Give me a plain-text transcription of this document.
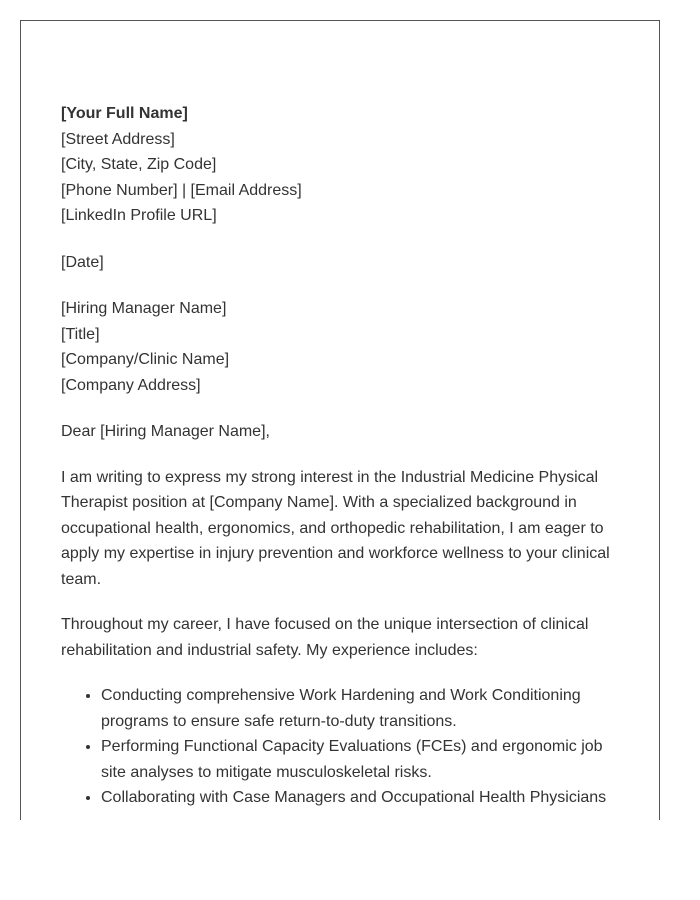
[Your Full Name]
[Street Address]
[City, State, Zip Code]
[Phone Number] | [Email Address]
[LinkedIn Profile URL]
[Date]
[Hiring Manager Name]
[Title]
[Company/Clinic Name]
[Company Address]
Dear [Hiring Manager Name],

I am writing to express my strong interest in the Industrial Medicine Physical Therapist position at [Company Name]. With a specialized background in occupational health, ergonomics, and orthopedic rehabilitation, I am eager to apply my expertise in injury prevention and workforce wellness to your clinical team.

Throughout my career, I have focused on the unique intersection of clinical rehabilitation and industrial safety. My experience includes:

• Conducting comprehensive Work Hardening and Work Conditioning programs to ensure safe return-to-duty transitions.
• Performing Functional Capacity Evaluations (FCEs) and ergonomic job site analyses to mitigate musculoskeletal risks.
• Collaborating with Case Managers and Occupational Health Physicians
